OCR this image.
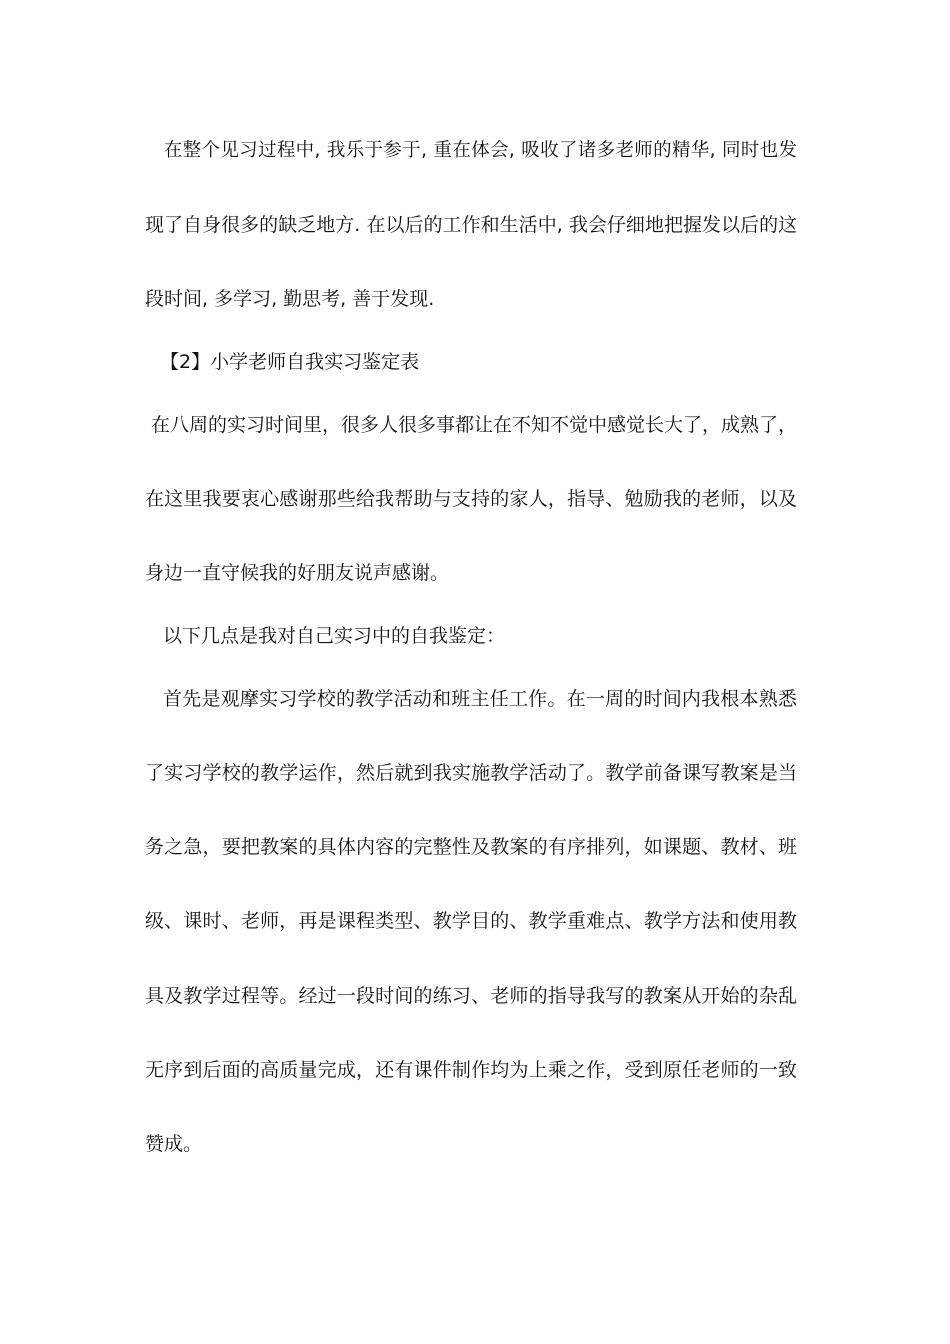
　在整个见习过程中, 我乐于参于, 重在体会, 吸收了诸多老师的精华, 同时也发
现了自身很多的缺乏地方. 在以后的工作和生活中, 我会仔细地把握发以后的这
段时间, 多学习, 勤思考, 善于发现.
【2】小学老师自我实习鉴定表
在八周的实习时间里，很多人很多事都让在不知不觉中感觉长大了，成熟了，
在这里我要衷心感谢那些给我帮助与支持的家人，指导、勉励我的老师，以及
身边一直守候我的好朋友说声感谢。
以下几点是我对自己实习中的自我鉴定：
首先是观摩实习学校的教学活动和班主任工作。在一周的时间内我根本熟悉
了实习学校的教学运作，然后就到我实施教学活动了。教学前备课写教案是当
务之急，要把教案的具体内容的完整性及教案的有序排列，如课题、教材、班
级、课时、老师，再是课程类型、教学目的、教学重难点、教学方法和使用教
具及教学过程等。经过一段时间的练习、老师的指导我写的教案从开始的杂乱
无序到后面的高质量完成，还有课件制作均为上乘之作，受到原任老师的一致
赞成。
